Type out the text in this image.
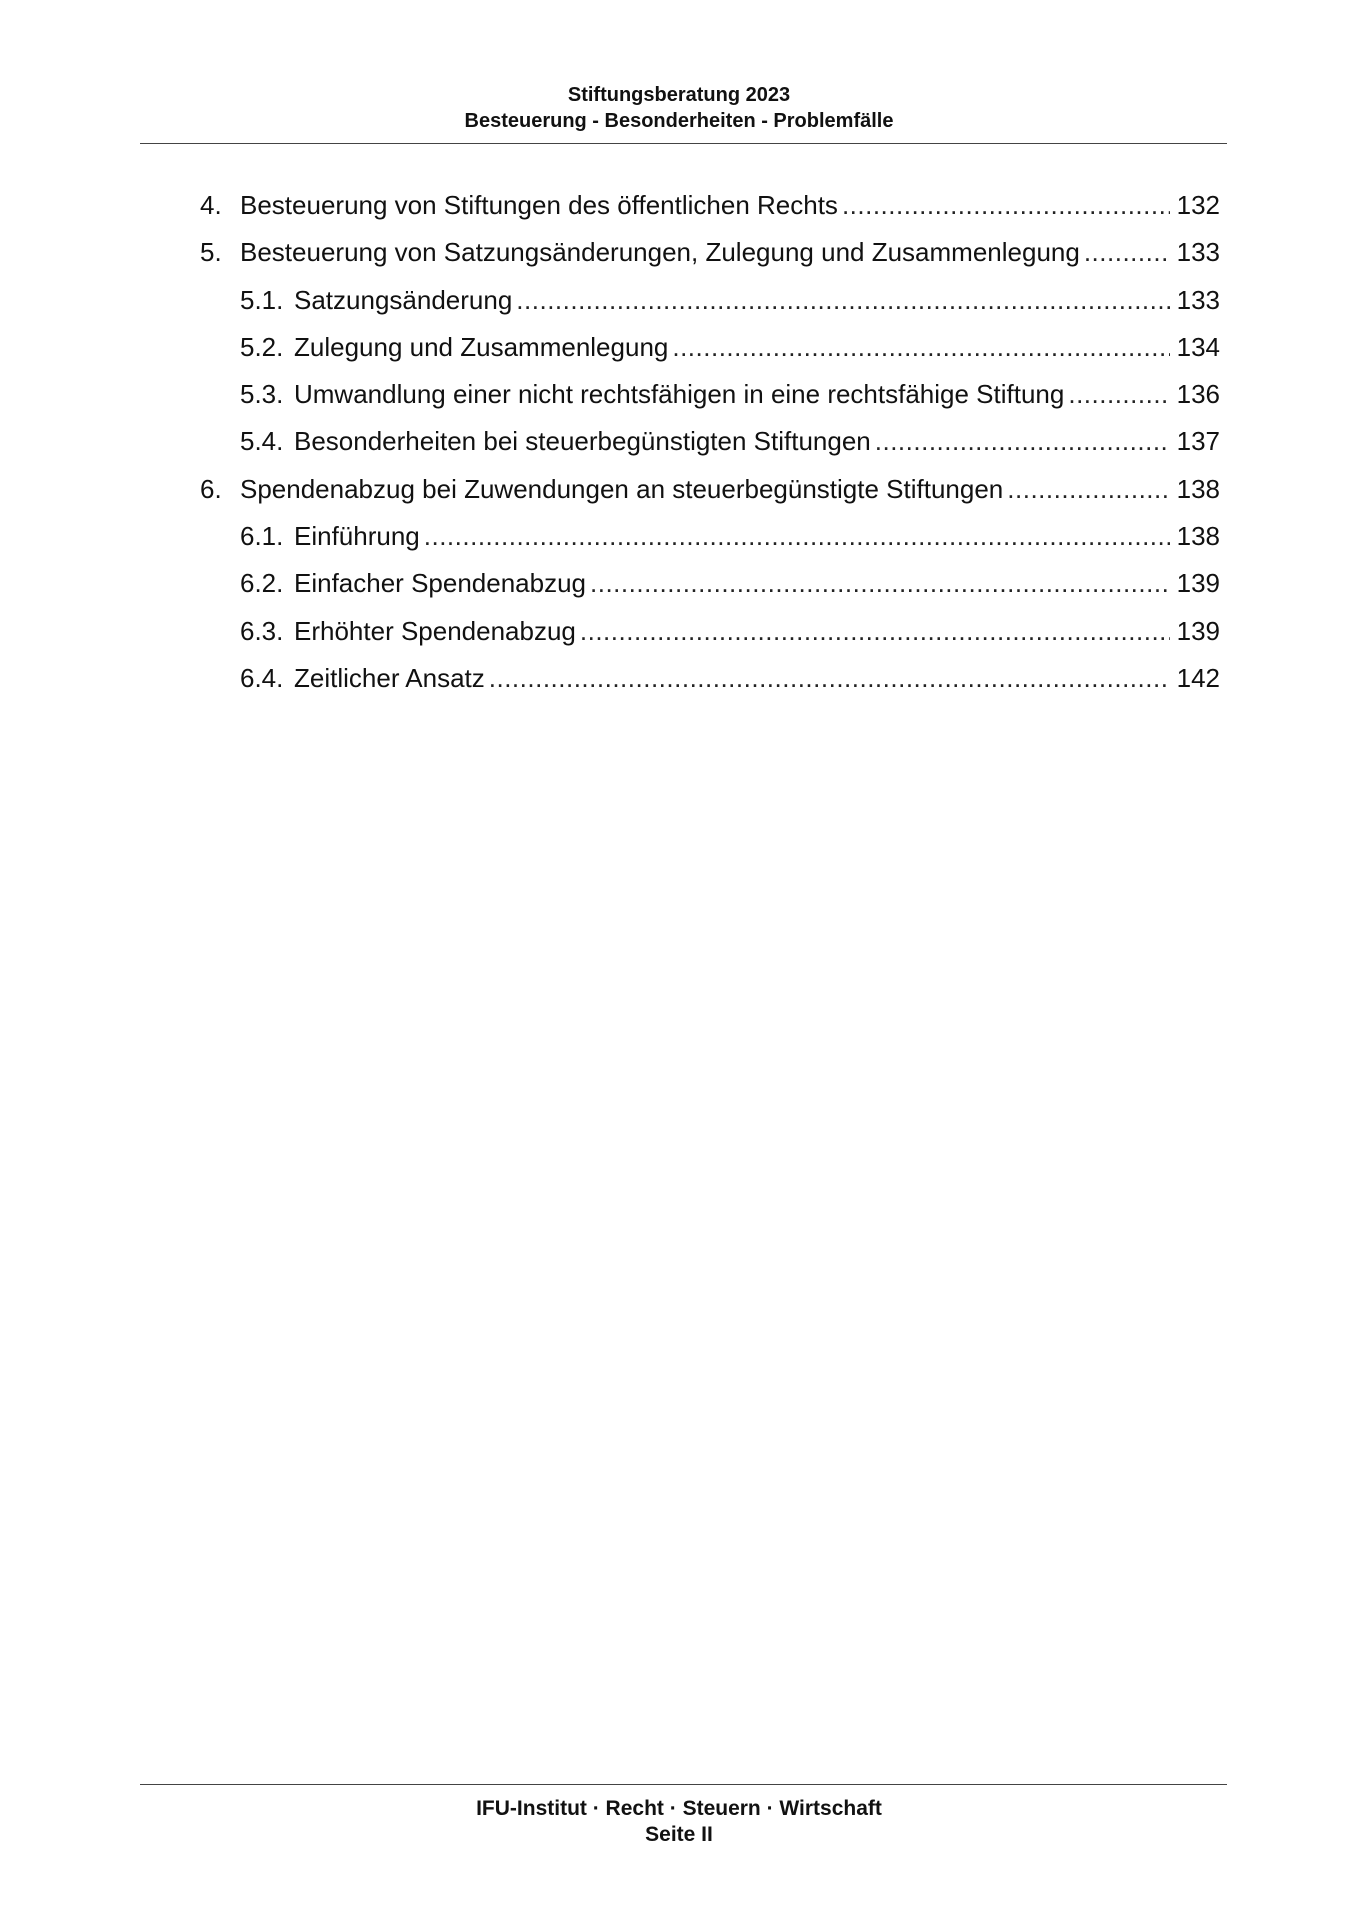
Stiftungsberatung 2023
Besteuerung - Besonderheiten - Problemfälle
4. Besteuerung von Stiftungen des öffentlichen Rechts .....	132
5. Besteuerung von Satzungsänderungen, Zulegung und Zusammenlegung .....	133
5.1. Satzungsänderung .....	133
5.2. Zulegung und Zusammenlegung .....	134
5.3. Umwandlung einer nicht rechtsfähigen in eine rechtsfähige Stiftung .....	136
5.4. Besonderheiten bei steuerbegünstigten Stiftungen .....	137
6. Spendenabzug bei Zuwendungen an steuerbegünstigte Stiftungen .....	138
6.1. Einführung .....	138
6.2. Einfacher Spendenabzug .....	139
6.3. Erhöhter Spendenabzug .....	139
6.4. Zeitlicher Ansatz .....	142
IFU-Institut · Recht · Steuern · Wirtschaft
Seite II
